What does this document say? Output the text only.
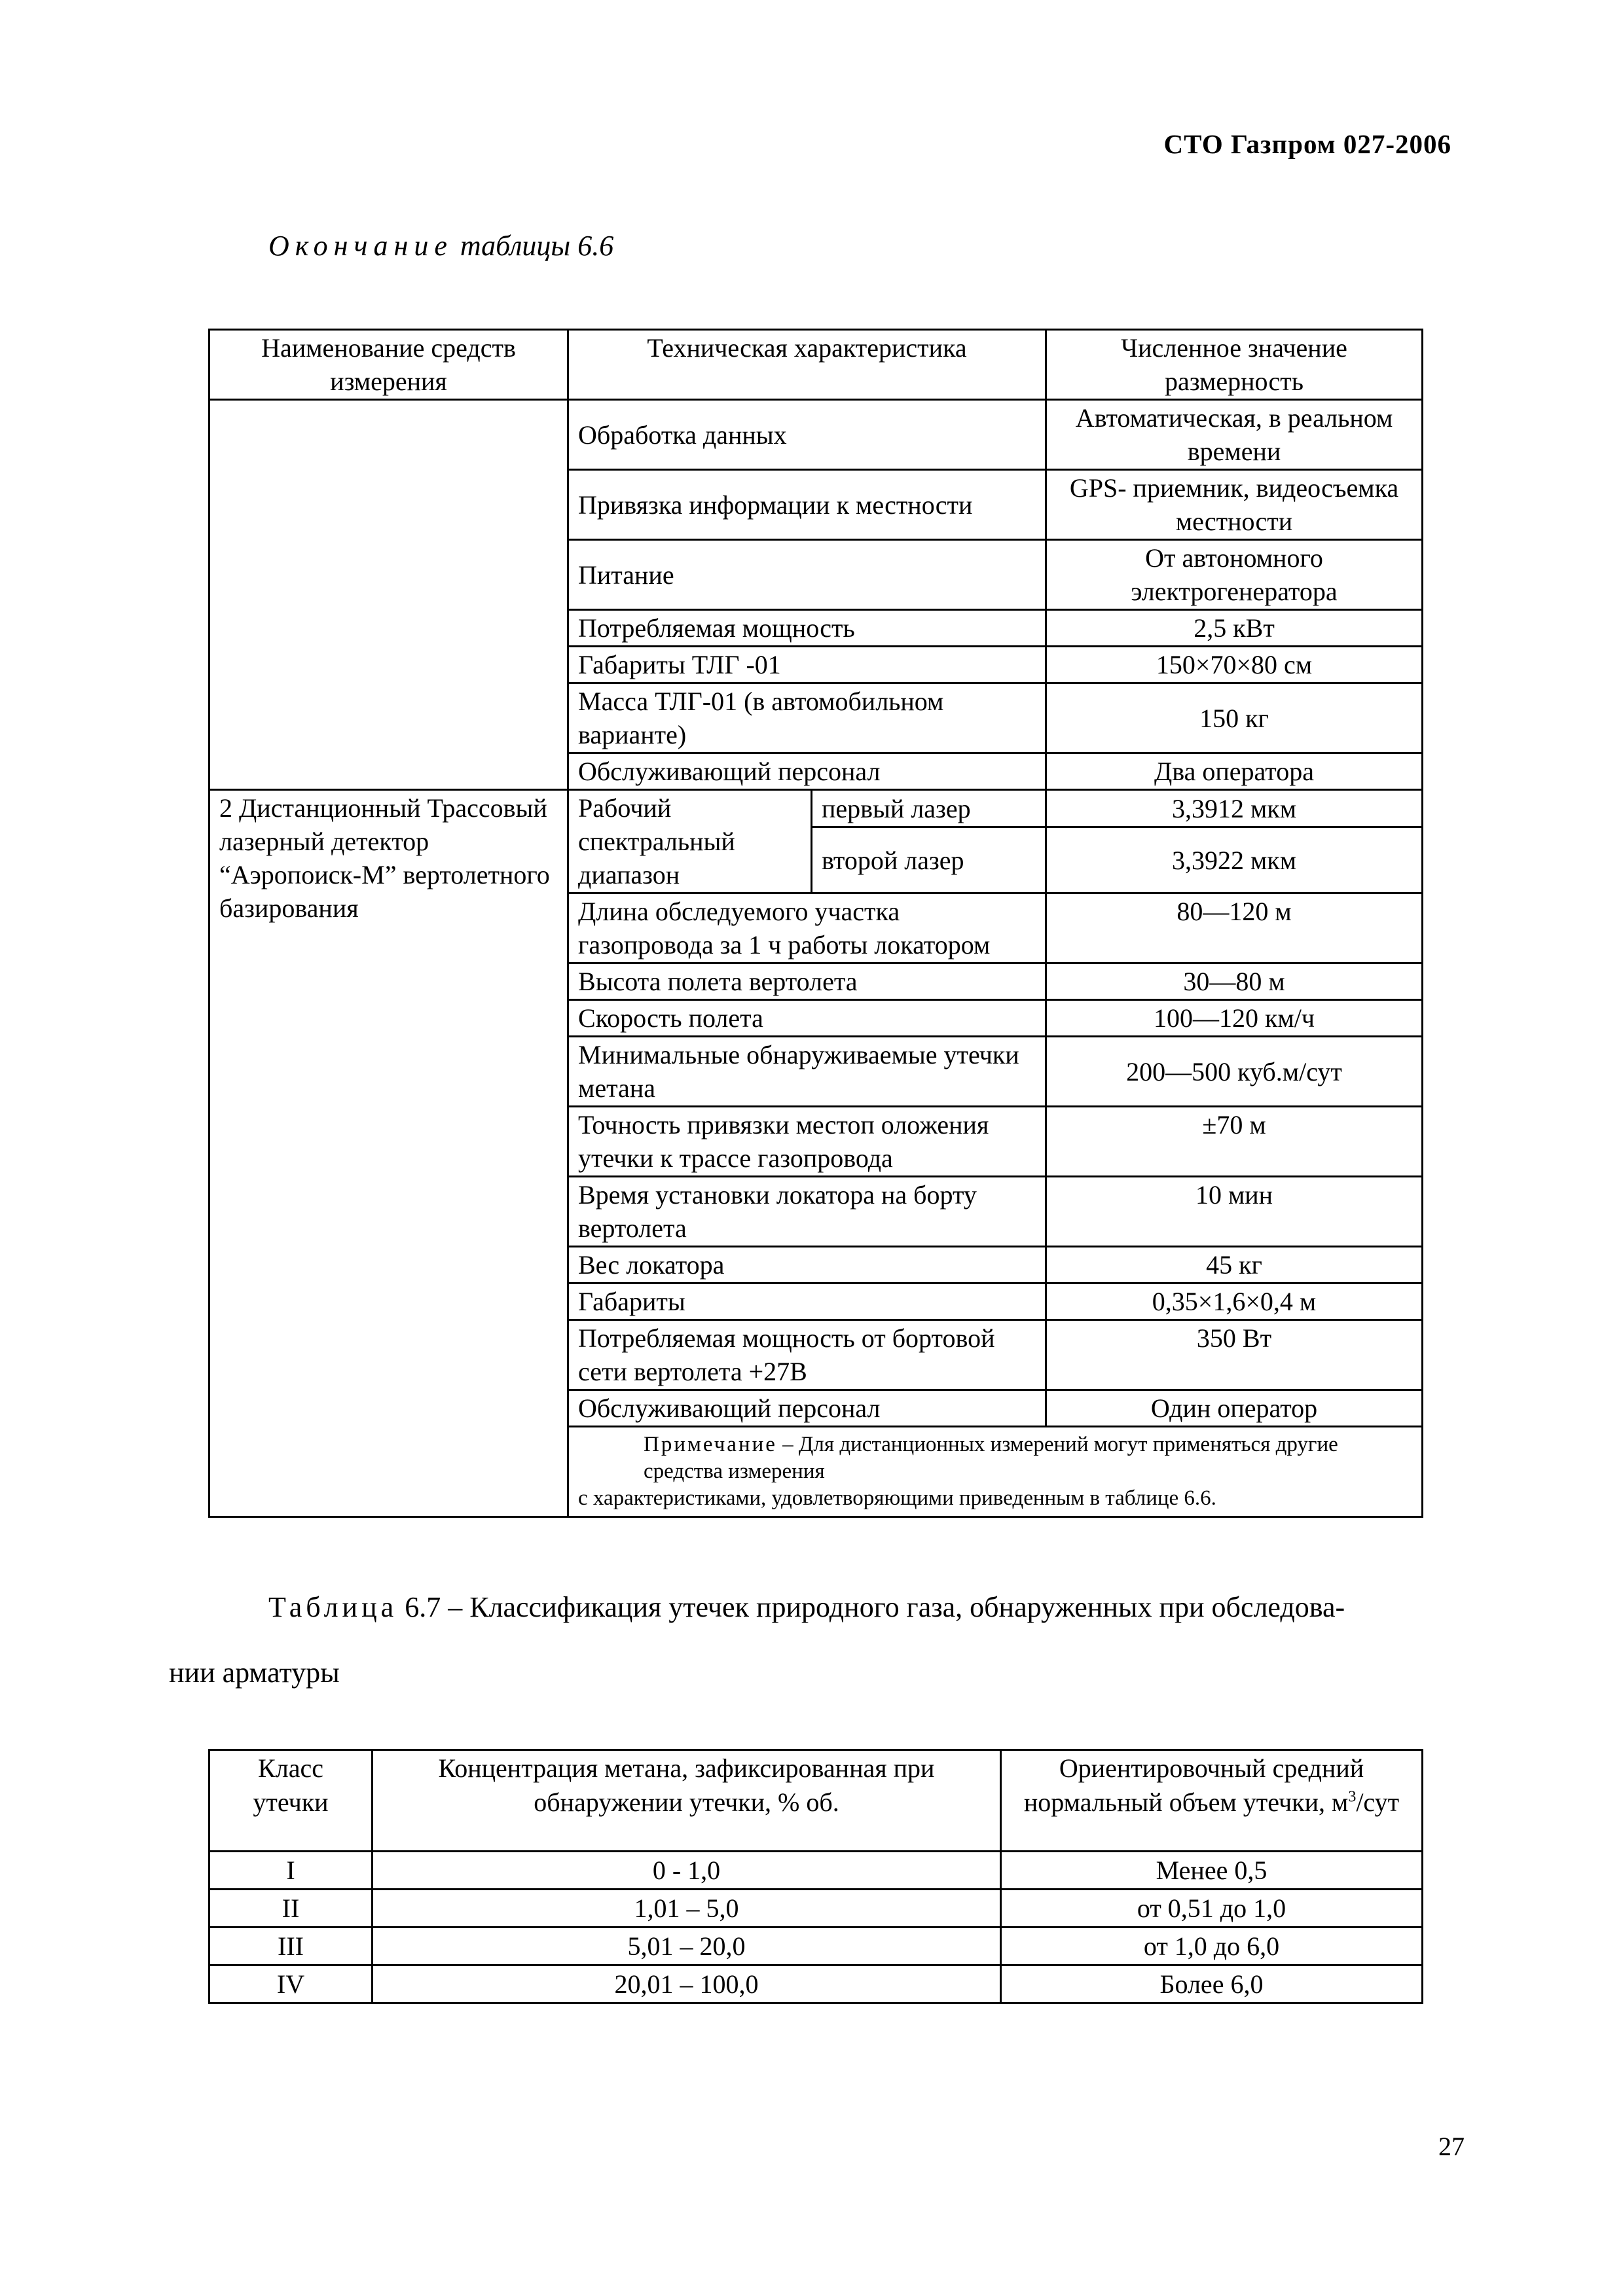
СТО Газпром 027-2006
Окончание таблицы 6.6
Наименование средств измерения	Техническая характеристика		Численное значение размерность
	Обработка данных		Автоматическая, в реальном времени
	Привязка информации к местности		GPS- приемник, видеосъемка местности
	Питание		От автономного электрогенератора
	Потребляемая мощность		2,5 кВт
	Габариты ТЛГ -01		150×70×80 см
	Масса ТЛГ-01 (в автомобильном варианте)		150 кг
	Обслуживающий персонал		Два оператора
2 Дистанционный Трассовый лазерный детектор “Аэропоиск-М” вертолетного базирования	Рабочий спектральный диапазон	первый лазер	3,3912 мкм
		второй лазер	3,3922 мкм
	Длина обследуемого участка газопровода за 1 ч работы локатором		80—120 м
	Высота полета вертолета		30—80 м
	Скорость полета		100—120 км/ч
	Минимальные обнаруживаемые утечки метана		200—500 куб.м/сут
	Точность привязки местоп оложения утечки к трассе газопровода		±70 м
	Время установки локатора на борту вертолета		10 мин
	Вес локатора		45 кг
	Габариты		0,35×1,6×0,4 м
	Потребляемая мощность от бортовой сети вертолета +27В		350 Вт
	Обслуживающий персонал		Один оператор

	Примечание – Для дистанционных измерений могут применяться другие средства измерения
с характеристиками, удовлетворяющими приведенным в таблице 6.6.		
Таблица 6.7 – Классификация утечек природного газа, обнаруженных при обследова-
нии арматуры
Класс утечки	Концентрация метана, зафиксированная при обнаружении утечки, % об.	Ориентировочный средний нормальный объем утечки, $м^3$/сут
I	0 - 1,0	Менее 0,5
II	1,01 – 5,0	от 0,51 до 1,0
III	5,01 – 20,0	от 1,0 до 6,0
IV	20,01 – 100,0	Более 6,0
27
